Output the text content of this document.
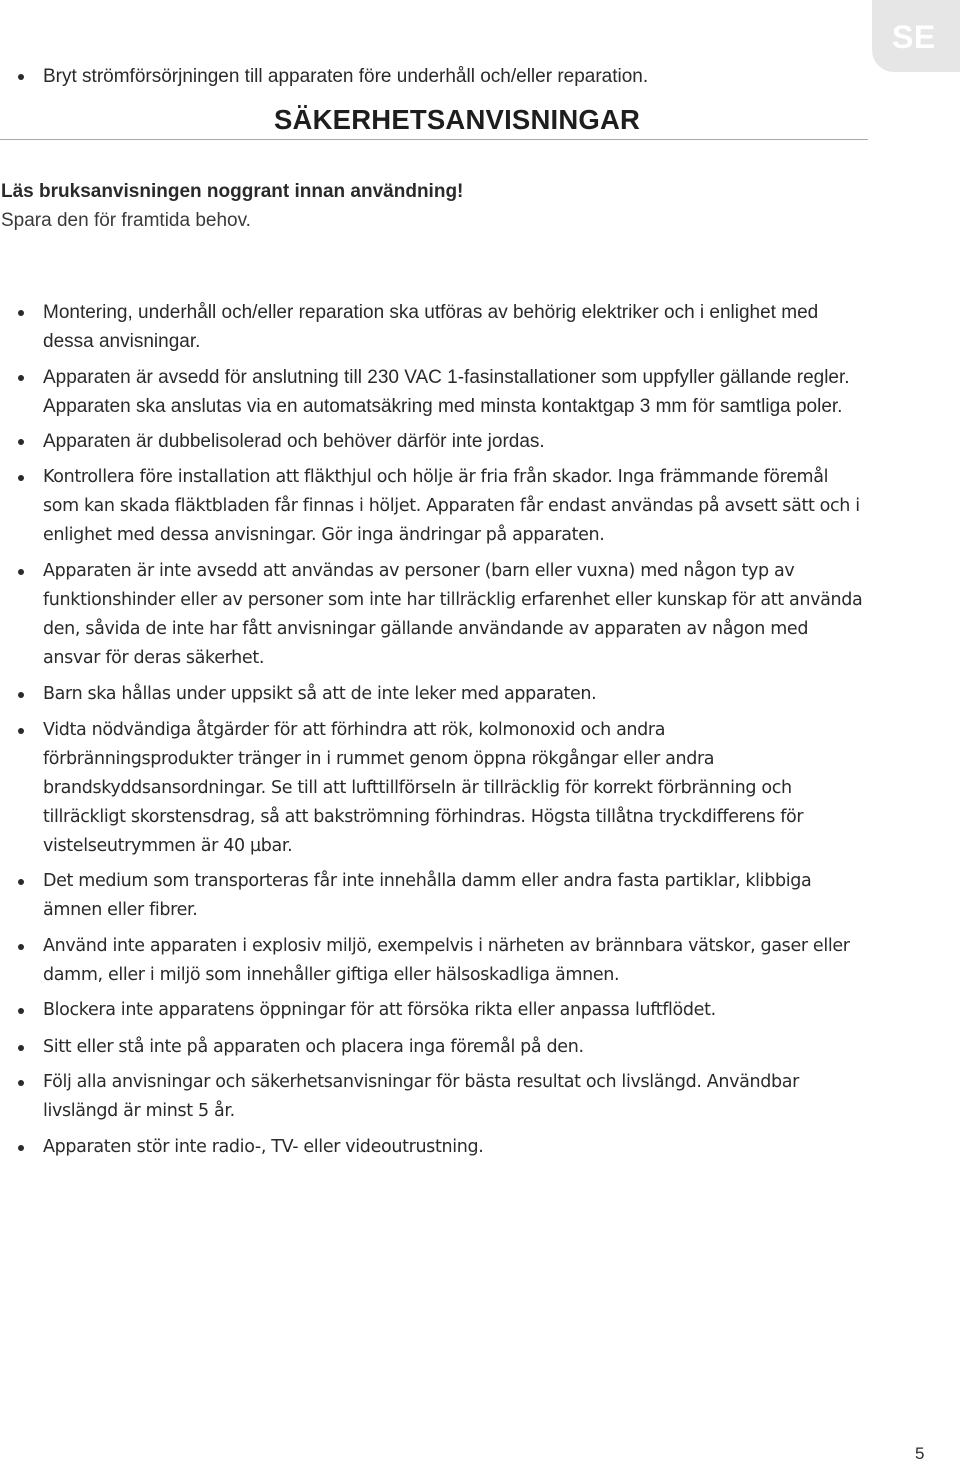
SE
SÄKERHETSANVISNINGAR
Läs bruksanvisningen noggrant innan användning!
Spara den för framtida behov.
Bryt strömförsörjningen till apparaten före underhåll och/eller reparation.
Montering, underhåll och/eller reparation ska utföras av behörig elektriker och i enlighet med
dessa anvisningar.
Apparaten är avsedd för anslutning till 230 VAC 1-fasinstallationer som uppfyller gällande regler.
Apparaten ska anslutas via en automatsäkring med minsta kontaktgap 3 mm för samtliga poler.
Apparaten är dubbelisolerad och behöver därför inte jordas.
Kontrollera före installation att fläkthjul och hölje är fria från skador. Inga främmande föremål
som kan skada fläktbladen får finnas i höljet. Apparaten får endast användas på avsett sätt och i
enlighet med dessa anvisningar. Gör inga ändringar på apparaten.
Apparaten är inte avsedd att användas av personer (barn eller vuxna) med någon typ av
funktionshinder eller av personer som inte har tillräcklig erfarenhet eller kunskap för att använda
den, såvida de inte har fått anvisningar gällande användande av apparaten av någon med
ansvar för deras säkerhet.
Barn ska hållas under uppsikt så att de inte leker med apparaten.
Vidta nödvändiga åtgärder för att förhindra att rök, kolmonoxid och andra
förbränningsprodukter tränger in i rummet genom öppna rökgångar eller andra
brandskyddsansordningar. Se till att lufttillförseln är tillräcklig för korrekt förbränning och
tillräckligt skorstensdrag, så att bakströmning förhindras. Högsta tillåtna tryckdifferens för
vistelseutrymmen är 40 µbar.
Det medium som transporteras får inte innehålla damm eller andra fasta partiklar, klibbiga
ämnen eller fibrer.
Använd inte apparaten i explosiv miljö, exempelvis i närheten av brännbara vätskor, gaser eller
damm, eller i miljö som innehåller giftiga eller hälsoskadliga ämnen.
Blockera inte apparatens öppningar för att försöka rikta eller anpassa luftflödet.
Sitt eller stå inte på apparaten och placera inga föremål på den.
Följ alla anvisningar och säkerhetsanvisningar för bästa resultat och livslängd. Användbar
livslängd är minst 5 år.
Apparaten stör inte radio-, TV- eller videoutrustning.
5
